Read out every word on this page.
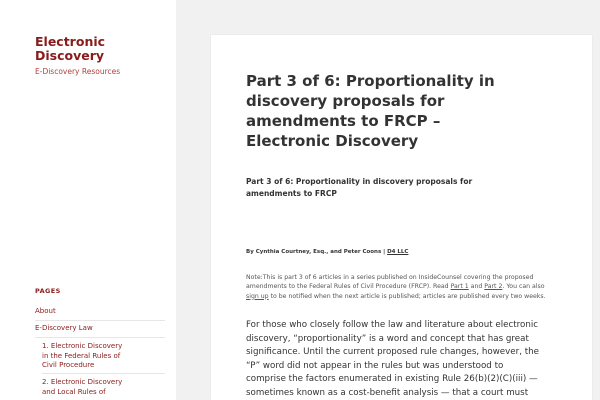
Electronic
Discovery
E-Discovery Resources
PAGES
About
E-Discovery Law
1. Electronic Discovery
in the Federal Rules of
Civil Procedure
2. Electronic Discovery
and Local Rules of
Part 3 of 6: Proportionality in
discovery proposals for
amendments to FRCP –
Electronic Discovery
Part 3 of 6: Proportionality in discovery proposals for
amendments to FRCP
By Cynthia Courtney, Esq., and Peter Coons | D4 LLC
Note:This is part 3 of 6 articles in a series published on InsideCounsel covering the proposed amendments to the Federal Rules of Civil Procedure (FRCP). Read Part 1 and Part 2. You can also sign up to be notified when the next article is published; articles are published every two weeks.
For those who closely follow the law and literature about electronic
discovery, “proportionality” is a word and concept that has great
significance. Until the current proposed rule changes, however, the
“P” word did not appear in the rules but was understood to
comprise the factors enumerated in existing Rule 26(b)(2)(C)(iii) —
sometimes known as a cost-benefit analysis — that a court must
